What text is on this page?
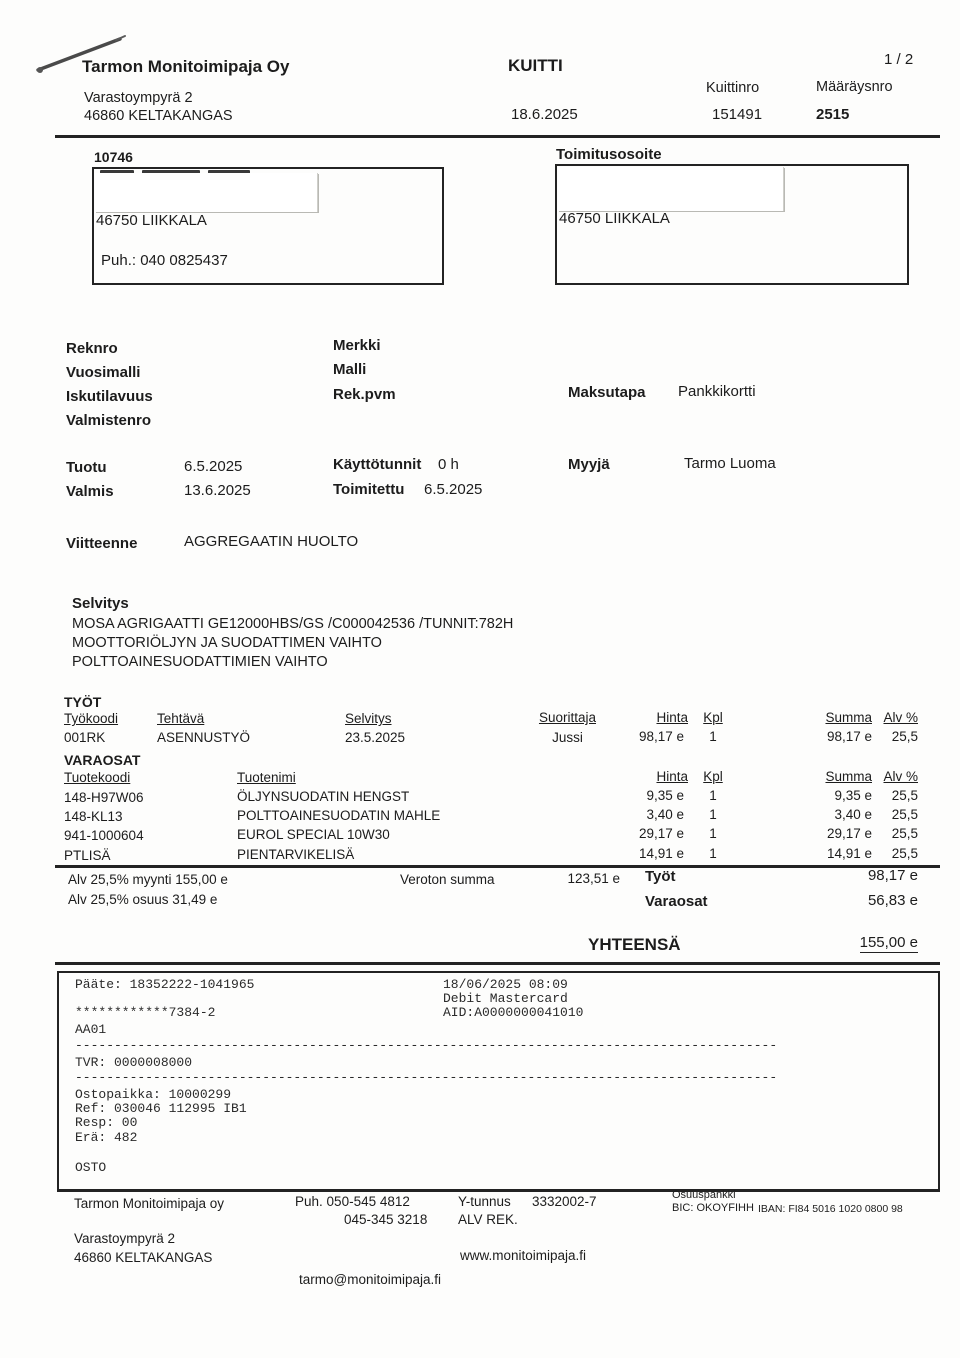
Tarmon Monitoimipaja Oy	KUITTI	1 / 2
Varastoympyrä 2
46860 KELTAKANGAS	18.6.2025
Kuittinro
151491
Määräysnro
2515
10746
46750 LIIKKALA
Puh.: 040 0825437
Toimitusosoite
46750 LIIKKALA
Reknro
Vuosimalli
Iskutilavuus
Valmistenro
Merkki
Malli
Rek.pvm	Maksutapa Pankkikortti
Tuotu	6.5.2025
Valmis	13.6.2025
Käyttötunnit 0 h
Toimitettu 6.5.2025
Myyjä	Tarmo Luoma
Viitteenne	AGGREGAATIN HUOLTO
Selvitys
MOSA AGRIGAATTI GE12000HBS/GS /C000042536 /TUNNIT:782H
MOOTTORIÖLJYN JA SUODATTIMEN VAIHTO
POLTTOAINESUODATTIMIEN VAIHTO
TYÖT
Työkoodi	Tehtävä	Selvitys	Suorittaja	Hinta	Kpl	Summa Alv %
001RK	ASENNUSTYÖ	23.5.2025	Jussi	98,17 e	1	98,17 e	25,5
VARAOSAT
Tuotekoodi	Tuotenimi	Hinta	Kpl	Summa Alv %
148-H97W06	ÖLJYNSUODATIN HENGST	9,35 e	1	9,35 e	25,5
148-KL13	POLTTOAINESUODATIN MAHLE	3,40 e	1	3,40 e	25,5
941-1000604	EUROL SPECIAL 10W30	29,17 e	1	29,17 e	25,5
PTLISÄ	PIENTARVIKELISÄ	14,91 e	1	14,91 e	25,5
Alv 25,5% myynti 155,00 e
Alv 25,5% osuus 31,49 e
Veroton summa	123,51 e Työt	98,17 e
Varaosat	56,83 e
YHTEENSÄ	155,00 e
Pääte: 18352222-1041965	18/06/2025 08:09
Debit Mastercard
************7384-2	AID:A0000000041010
AA01
------------------------------------------------------------------------------------------
TVR: 0000008000
------------------------------------------------------------------------------------------
Ostopaikka: 10000299
Ref: 030046 112995 IB1
Resp: 00
Erä: 482
OSTO
Tarmon Monitoimipaja oy	Puh. 050-545 4812
045-345 3218
Y-tunnus 3332002-7
ALV REK.
Osuuspankki
BIC: OKOYFIHH IBAN: FI84 5016 1020 0800 98
Varastoympyrä 2
46860 KELTAKANGAS	www.monitoimipaja.fi
tarmo@monitoimipaja.fi
